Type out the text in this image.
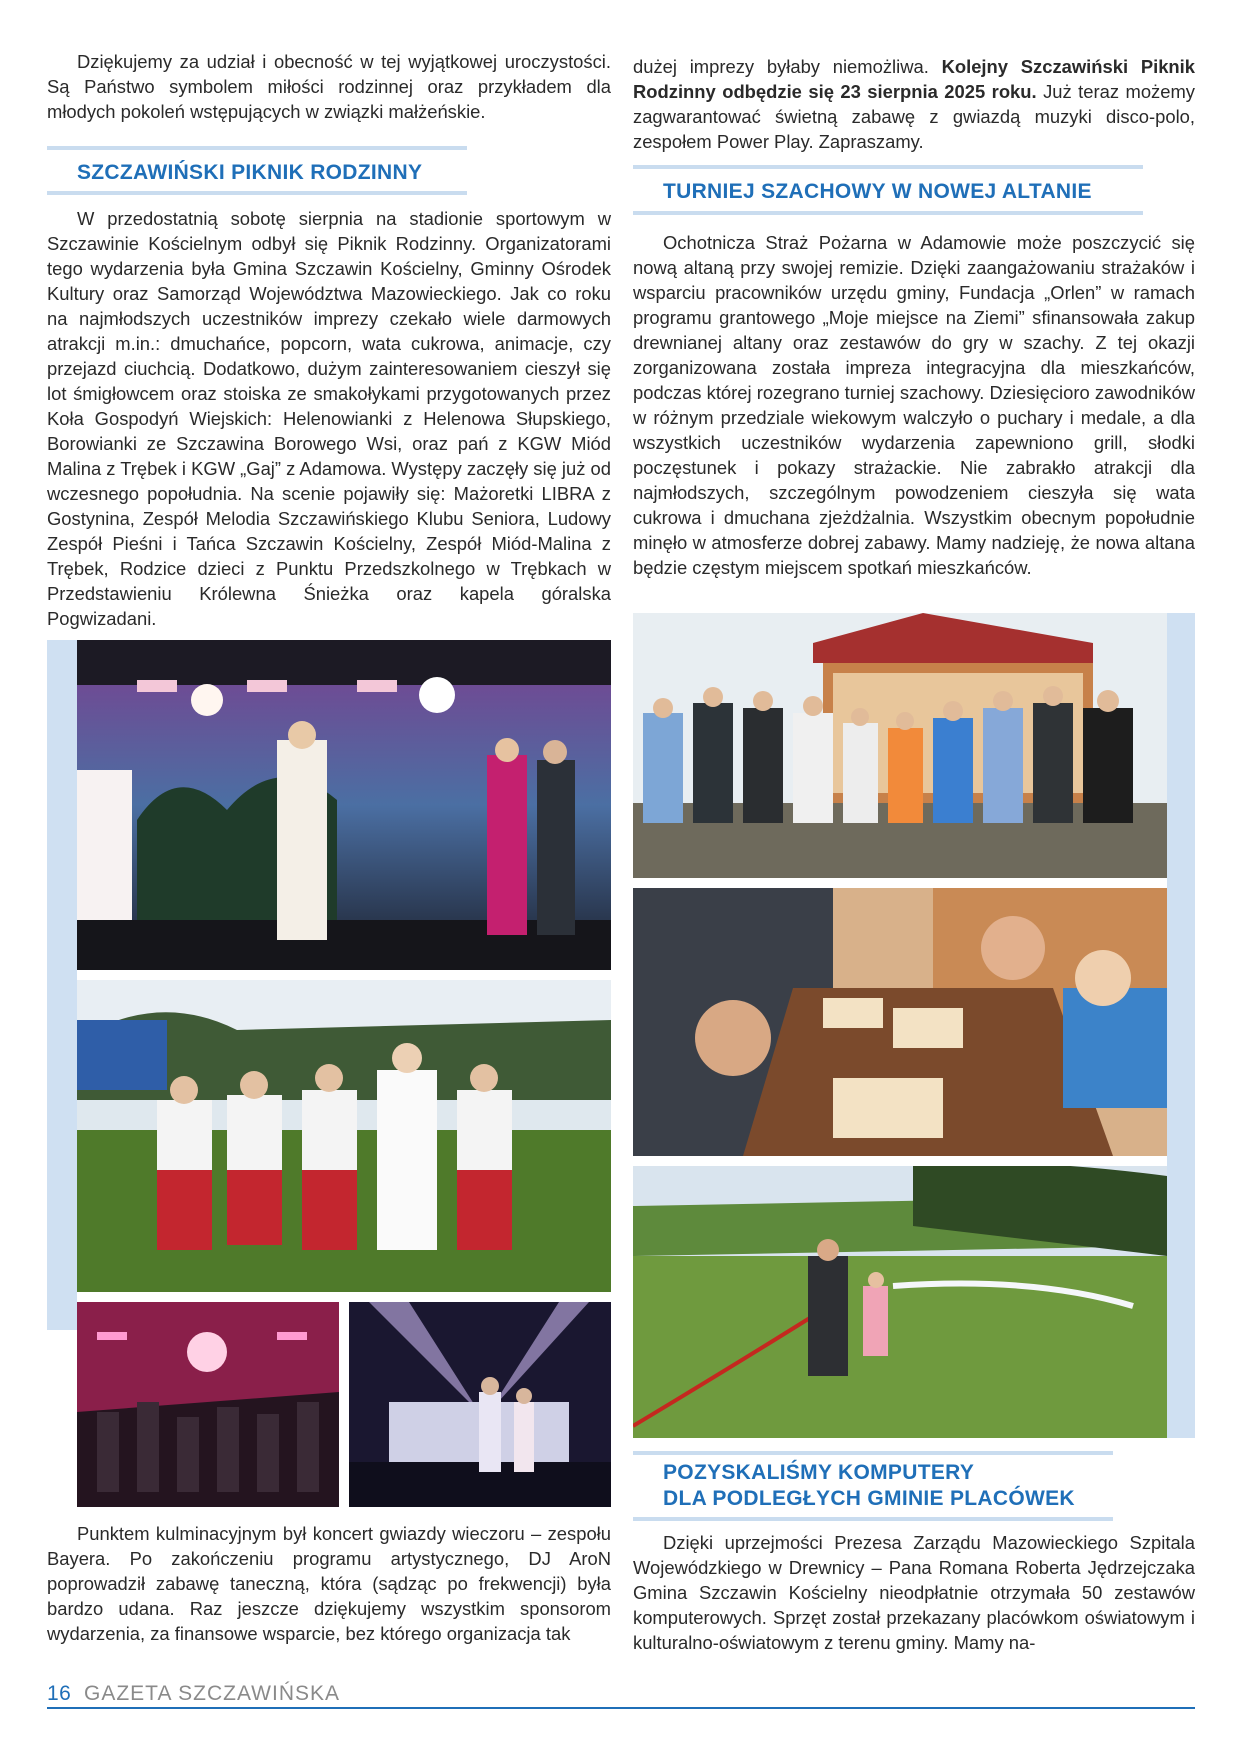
Dziękujemy za udział i obecność w tej wyjątkowej uroczystości. Są Państwo symbolem miłości rodzinnej oraz przykładem dla młodych pokoleń wstępujących w związki małżeńskie.

SZCZAWIŃSKI PIKNIK RODZINNY

W przedostatnią sobotę sierpnia na stadionie sportowym w Szczawinie Kościelnym odbył się Piknik Rodzinny. Organizatorami tego wydarzenia była Gmina Szczawin Kościelny, Gminny Ośrodek Kultury oraz Samorząd Województwa Mazowieckiego. Jak co roku na najmłodszych uczestników imprezy czekało wiele darmowych atrakcji m.in.: dmuchańce, popcorn, wata cukrowa, animacje, czy przejazd ciuchcią. Dodatkowo, dużym zainteresowaniem cieszył się lot śmigłowcem oraz stoiska ze smakołykami przygotowanych przez Koła Gospodyń Wiejskich: Helenowianki z Helenowa Słupskiego, Borowianki ze Szczawina Borowego Wsi, oraz pań z KGW Miód Malina z Trębek i KGW „Gaj” z Adamowa. Występy zaczęły się już od wczesnego popołudnia. Na scenie pojawiły się: Mażoretki LIBRA z Gostynina, Zespół Melodia Szczawińskiego Klubu Seniora, Ludowy Zespół Pieśni i Tańca Szczawin Kościelny, Zespół Miód-Malina z Trębek, Rodzice dzieci z Punktu Przedszkolnego w Trębkach w Przedstawieniu Królewna Śnieżka oraz kapela góralska Pogwizadani.

Punktem kulminacyjnym był koncert gwiazdy wieczoru – zespołu Bayera. Po zakończeniu programu artystycznego, DJ AroN poprowadził zabawę taneczną, która (sądząc po frekwencji) była bardzo udana. Raz jeszcze dziękujemy wszystkim sponsorom wydarzenia, za finansowe wsparcie, bez którego organizacja tak

dużej imprezy byłaby niemożliwa. Kolejny Szczawiński Piknik Rodzinny odbędzie się 23 sierpnia 2025 roku. Już teraz możemy zagwarantować świetną zabawę z gwiazdą muzyki disco-polo, zespołem Power Play. Zapraszamy.

TURNIEJ SZACHOWY W NOWEJ ALTANIE

Ochotnicza Straż Pożarna w Adamowie może poszczycić się nową altaną przy swojej remizie. Dzięki zaangażowaniu strażaków i wsparciu pracowników urzędu gminy, Fundacja „Orlen” w ramach programu grantowego „Moje miejsce na Ziemi” sfinansowała zakup drewnianej altany oraz zestawów do gry w szachy. Z tej okazji zorganizowana została impreza integracyjna dla mieszkańców, podczas której rozegrano turniej szachowy. Dziesięcioro zawodników w różnym przedziale wiekowym walczyło o puchary i medale, a dla wszystkich uczestników wydarzenia zapewniono grill, słodki poczęstunek i pokazy strażackie. Nie zabrakło atrakcji dla najmłodszych, szczególnym powodzeniem cieszyła się wata cukrowa i dmuchana zjeżdżalnia. Wszystkim obecnym popołudnie minęło w atmosferze dobrej zabawy. Mamy nadzieję, że nowa altana będzie częstym miejscem spotkań mieszkańców.

POZYSKALIŚMY KOMPUTERY
DLA PODLEGŁYCH GMINIE PLACÓWEK

Dzięki uprzejmości Prezesa Zarządu Mazowieckiego Szpitala Wojewódzkiego w Drewnicy – Pana Romana Roberta Jędrzejczaka Gmina Szczawin Kościelny nieodpłatnie otrzymała 50 zestawów komputerowych. Sprzęt został przekazany placówkom oświatowym i kulturalno-oświatowym z terenu gminy. Mamy na-

16 GAZETA SZCZAWIŃSKA
